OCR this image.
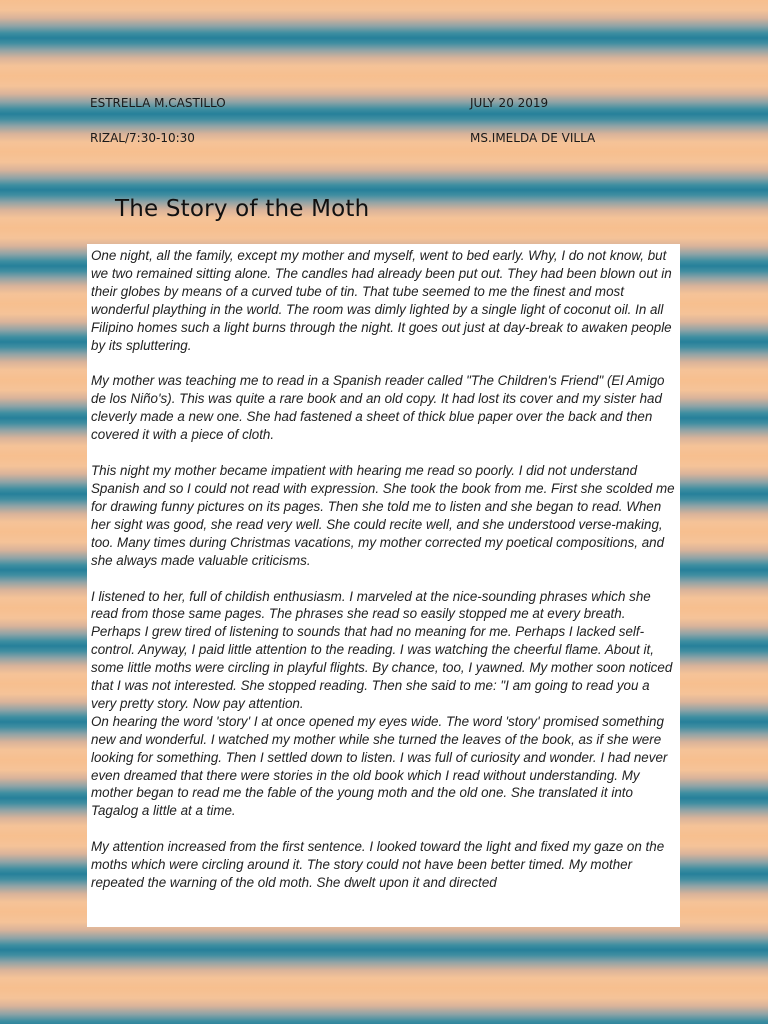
ESTRELLA M.CASTILLO	JULY 20 2019
RIZAL/7:30-10:30	MS.IMELDA DE VILLA
The Story of the Moth

One night, all the family, except my mother and myself, went to bed early. Why, I do not know, but we two remained sitting alone. The candles had already been put out. They had been blown out in their globes by means of a curved tube of tin. That tube seemed to me the finest and most wonderful plaything in the world. The room was dimly lighted by a single light of coconut oil. In all Filipino homes such a light burns through the night. It goes out just at day-break to awaken people by its spluttering.

My mother was teaching me to read in a Spanish reader called "The Children's Friend" (El Amigo de los Niño's). This was quite a rare book and an old copy. It had lost its cover and my sister had cleverly made a new one. She had fastened a sheet of thick blue paper over the back and then covered it with a piece of cloth.

This night my mother became impatient with hearing me read so poorly. I did not understand Spanish and so I could not read with expression. She took the book from me. First she scolded me for drawing funny pictures on its pages. Then she told me to listen and she began to read. When her sight was good, she read very well. She could recite well, and she understood verse-making, too. Many times during Christmas vacations, my mother corrected my poetical compositions, and she always made valuable criticisms.

I listened to her, full of childish enthusiasm. I marveled at the nice-sounding phrases which she read from those same pages. The phrases she read so easily stopped me at every breath. Perhaps I grew tired of listening to sounds that had no meaning for me. Perhaps I lacked self-control. Anyway, I paid little attention to the reading. I was watching the cheerful flame. About it, some little moths were circling in playful flights. By chance, too, I yawned. My mother soon noticed that I was not interested. She stopped reading. Then she said to me: "I am going to read you a very pretty story. Now pay attention.

On hearing the word 'story' I at once opened my eyes wide. The word 'story' promised something new and wonderful. I watched my mother while she turned the leaves of the book, as if she were looking for something. Then I settled down to listen. I was full of curiosity and wonder. I had never even dreamed that there were stories in the old book which I read without understanding. My mother began to read me the fable of the young moth and the old one. She translated it into Tagalog a little at a time.

My attention increased from the first sentence. I looked toward the light and fixed my gaze on the moths which were circling around it. The story could not have been better timed. My mother repeated the warning of the old moth. She dwelt upon it and directed
